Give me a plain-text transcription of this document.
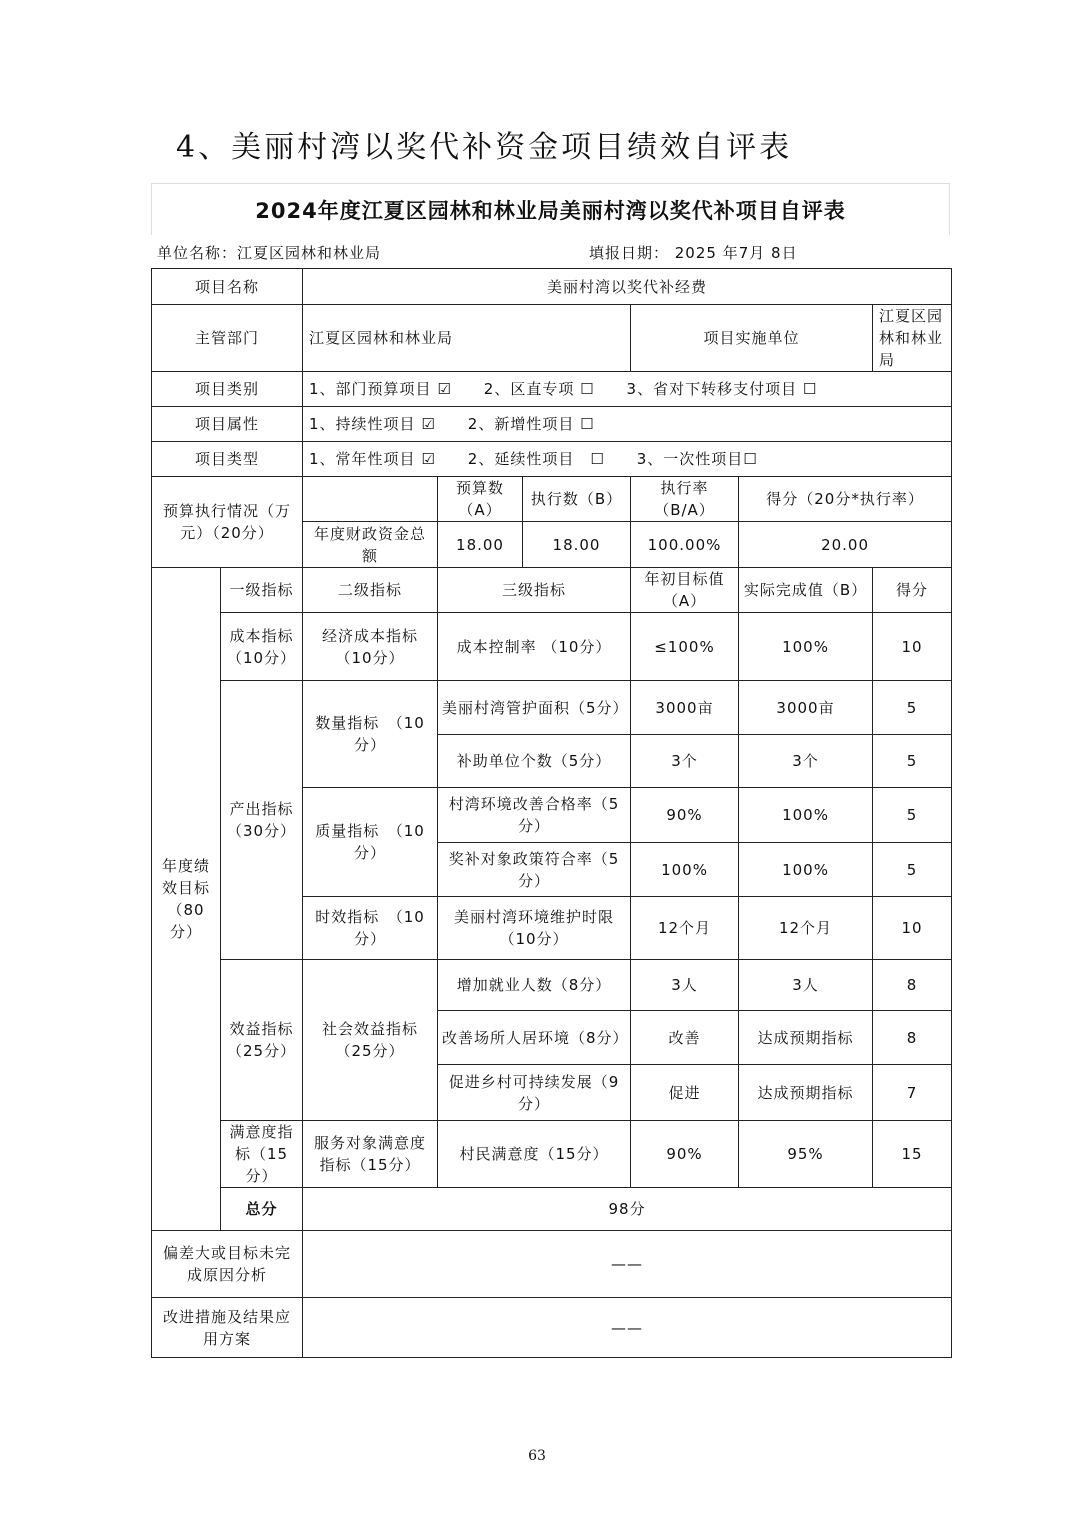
4、美丽村湾以奖代补资金项目绩效自评表
2024年度江夏区园林和林业局美丽村湾以奖代补项目自评表
单位名称：江夏区园林和林业局	填报日期： 2025 年7月 8日
项目名称		美丽村湾以奖代补经费					
主管部门		江夏区园林和林业局			项目实施单位		江夏区园林和林业局
项目类别		1、部门预算项目 ☑　　2、区直专项 ☐　　3、省对下转移支付项目 ☐					
项目属性		1、持续性项目 ☑　　2、新增性项目 ☐					
项目类型		1、常年性项目 ☑　　2、延续性项目　☐　　3、一次性项目☐					
预算执行情况（万元）（20分）			预算数（A）	执行数（B）	执行率（B/A）	得分（20分*执行率）	
		年度财政资金总额	18.00	18.00	100.00%	20.00	
年度绩效目标（80分）	一级指标	二级指标	三级指标		年初目标值（A）	实际完成值（B）	得分
	成本指标（10分）	经济成本指标（10分）	成本控制率 （10分）		≤100%	100%	10
	产出指标（30分）	数量指标　（10分）	美丽村湾管护面积（5分）		3000亩	3000亩	5
			补助单位个数（5分）		3个	3个	5
		质量指标　（10分）	村湾环境改善合格率（5分）		90%	100%	5
			奖补对象政策符合率（5分）		100%	100%	5
		时效指标　（10分）	美丽村湾环境维护时限（10分）		12个月	12个月	10
	效益指标（25分）	社会效益指标（25分）	增加就业人数（8分）		3人	3人	8
			改善场所人居环境（8分）		改善	达成预期指标	8
			促进乡村可持续发展（9分）		促进	达成预期指标	7
	满意度指标（15分）	服务对象满意度指标（15分）	村民满意度（15分）		90%	95%	15
	总分	98分					
偏差大或目标未完成原因分析		——					
改进措施及结果应用方案		——					
63
